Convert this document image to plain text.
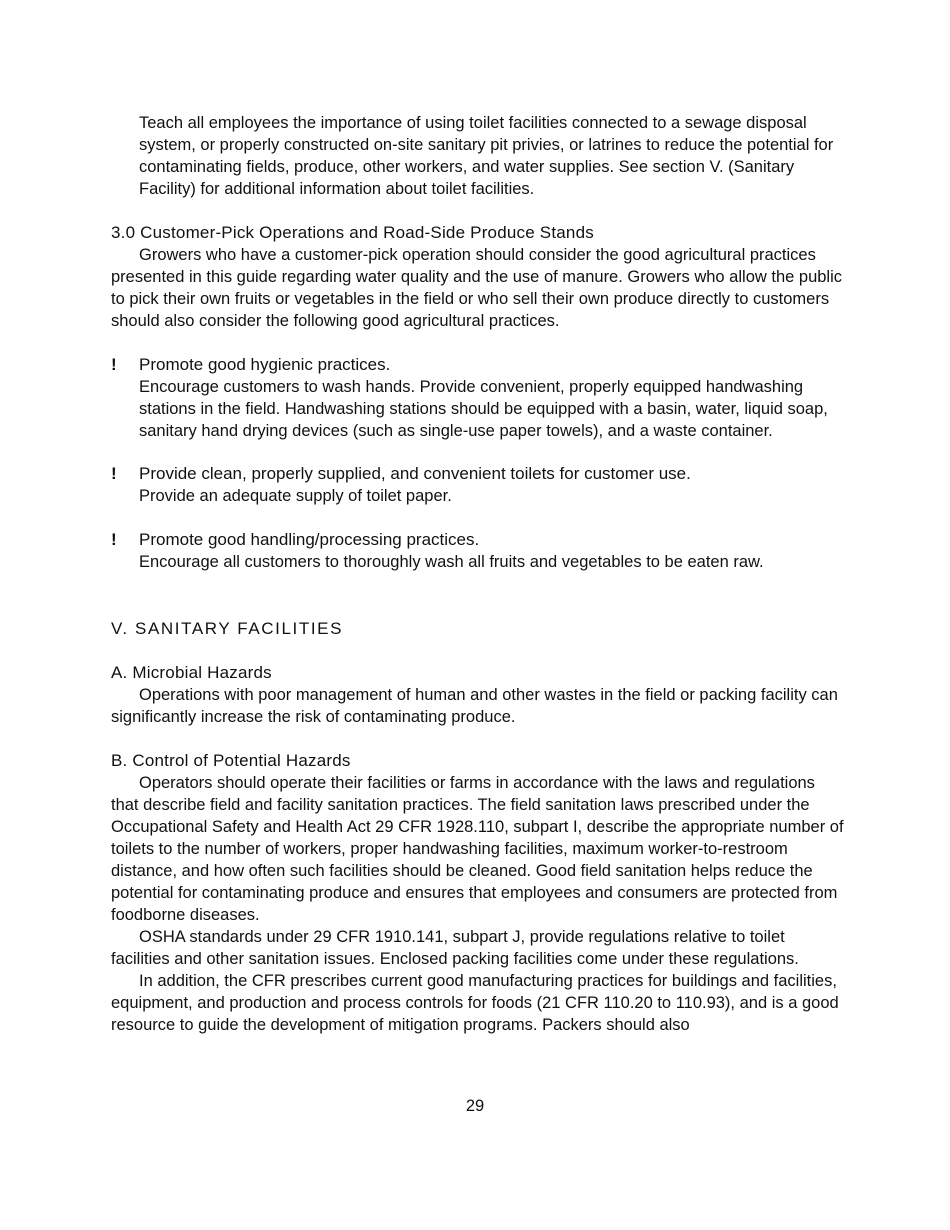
Teach all employees the importance of using toilet facilities connected to a sewage disposal system, or properly constructed on-site sanitary pit privies, or latrines to reduce the potential for contaminating fields, produce, other workers, and water supplies. See section V. (Sanitary Facility) for additional information about toilet facilities.

3.0 Customer-Pick Operations and Road-Side Produce Stands

Growers who have a customer-pick operation should consider the good agricultural practices presented in this guide regarding water quality and the use of manure. Growers who allow the public to pick their own fruits or vegetables in the field or who sell their own produce directly to customers should also consider the following good agricultural practices.

! Promote good hygienic practices.

Encourage customers to wash hands. Provide convenient, properly equipped handwashing stations in the field. Handwashing stations should be equipped with a basin, water, liquid soap, sanitary hand drying devices (such as single-use paper towels), and a waste container.

! Provide clean, properly supplied, and convenient toilets for customer use.

Provide an adequate supply of toilet paper.

! Promote good handling/processing practices.

Encourage all customers to thoroughly wash all fruits and vegetables to be eaten raw.

V. SANITARY FACILITIES

A. Microbial Hazards

Operations with poor management of human and other wastes in the field or packing facility can significantly increase the risk of contaminating produce.

B. Control of Potential Hazards

Operators should operate their facilities or farms in accordance with the laws and regulations that describe field and facility sanitation practices. The field sanitation laws prescribed under the Occupational Safety and Health Act 29 CFR 1928.110, subpart I, describe the appropriate number of toilets to the number of workers, proper handwashing facilities, maximum worker-to-restroom distance, and how often such facilities should be cleaned. Good field sanitation helps reduce the potential for contaminating produce and ensures that employees and consumers are protected from foodborne diseases.

OSHA standards under 29 CFR 1910.141, subpart J, provide regulations relative to toilet facilities and other sanitation issues. Enclosed packing facilities come under these regulations.

In addition, the CFR prescribes current good manufacturing practices for buildings and facilities, equipment, and production and process controls for foods (21 CFR 110.20 to 110.93), and is a good resource to guide the development of mitigation programs. Packers should also

29
